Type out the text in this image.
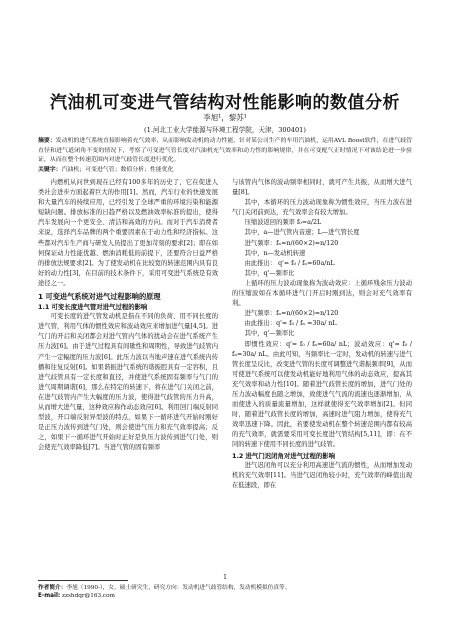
汽油机可变进气管结构对性能影响的数值分析
李旭¹，黎苏¹
(1.河北工业大学能源与环境工程学院，天津，300401)
摘要：发动机的进气系统直接影响着充气效率、从而影响发动机的动力性能，针对某公司生产的车用汽油机，运用AVL Boost软件，在进气歧管直径和进气道闭角不变的情况下，考察了可变进气管长度对汽油机充气效率和动力性的影响规律，并在可变配气正时情况下对该结论进一步验证，从而在整个转速范围内对进气歧管长度进行优化。
关键字：汽油机；可变进气管；数值分析；性能优化

内燃机从问世到现在已经有100多年的历史了，它在促进人类社会进步方面起着巨大的作用[1]。然而，汽车行业的快速发展和大量汽车的持续应用，已经引发了全球严重的环境污染和能源短缺问题。排放标准的日趋严格以及燃油效率标准的提出，使得汽车发展向一个更安全、清洁和高效的方向。而对于汽车消费者来说，选择汽车品牌的两个重要因素在于动力性和经济指标。这些都对汽车生产商与研发人员提出了更加苛刻的要求[2]；即在如何保证动力性能优越、燃油消耗低的前提下，还要符合日益严格的排放法规要求[2]。为了使发动机在比较宽的转速范围内具有良好的动力性[3]，在目前的技术条件下，采用可变进气系统是有效途径之一。

1 可变进气系统对进气过程影响的原理
1.1 可变长度进气管对进气过程的影响

可变长度的进气管发动机是指在不同的负荷、用不同长度的进气管，利用气体的惯性效应和波动效应来增加进气量[4,5]。进气门的开启和关闭都会对进气管内气体的扰动会在进气系统产生压力波[6]。由于进气过程具有间歇性和周期性，导致进气歧管内产生一定幅度的压力波[6]。此压力波以当地声速在进气系统内传播和往复反射[6]。如果谐振进气系统的谐振腔具有一定容积，且进气歧管具有一定长度和直径，并使进气系统固有频率与气门的进气周期调谐[6]，那么在特定的转速下，将在进气门关闭之前，在进气歧管内产生大幅度的压力波，使得进气歧管的压力升高，从而增大进气量，这种效应称作动态效应[6]。利用回门端反射同型波，开口端反射异型波的特点，如果下一循环进气开始时刚好是正压力波传到进气门处，则会使进气压力和充气效率提高；反之，如果下一循环进气开始时正好是负压力波传到进气门处，则会使充气效率降低[7]。当进气管的固有频率

与该管内气体的波动频率相同时，就可产生共振，从而增大进气量[8]。

其中，本循环的压力波动现象称为惯性效应，当压力波在进气门关闭前到达，充气效率会有较大增加。

压缩波返回的频率 f₀=a/2L

其中，a—进气管内音速；L—进气管长度

进气频率：fₙ=n/(60×2)=n/120

其中，n—发动机转速

由此推出： q'= f₀ / fₙ=60a/nL

其中，q'—频率比

上循环的压力波动现象称为波动效应：上循环残余压力波动的压缩波如在本循环进气门开启时刚到达，则会对充气效率有利。

进气频率：fₙ=n/(60×2)=n/120

由此推出：q'= f₀ / fₙ =30a/ nL

其中，q'—频率比

即惯性效应：q'= f₀ / fₙ=60a/ nL；波动效应：q'= f₀ / fₙ=30a/ nL。由此可知，当频率比一定时，发动机的转速与进气管长度呈反比，改变进气管的长度可调整进气谐振频率[9]，从而可使进气系统可以使发动机能好地利用气体的动态效应，提高其充气效率和动力性[10]。随着进气歧管长度的增加，进气门处的压力波动幅度也随之增加，致使进气气流的流速也逐渐增加，从而使进入的质量流量增加，这样就使得充气效率增加[2]。但同时，随着进气歧管长度的增加，高速时进气阻力增加，使得充气效率迅速下降。因此，若要使发动机在整个转速范围内都有较高的充气效率，就需要采用可变长度进气管结构[5,11]，即：在不同的转速下使用不同长度的进气歧管。

1.2 进气门迟闭角对进气过程的影响

进气迟闭角可以充分利用高速进气流的惯性，从而增加发动机的充气效率[11]。当进气迟闭角较小时，充气效率的峰值出现在低速段，即在

1
作者简介：李旭（1990-），女，硕士研究生，研究方向：发动机进气歧管结构，发动机模拟仿真等。
E-mail: zzshdqr@163.com
